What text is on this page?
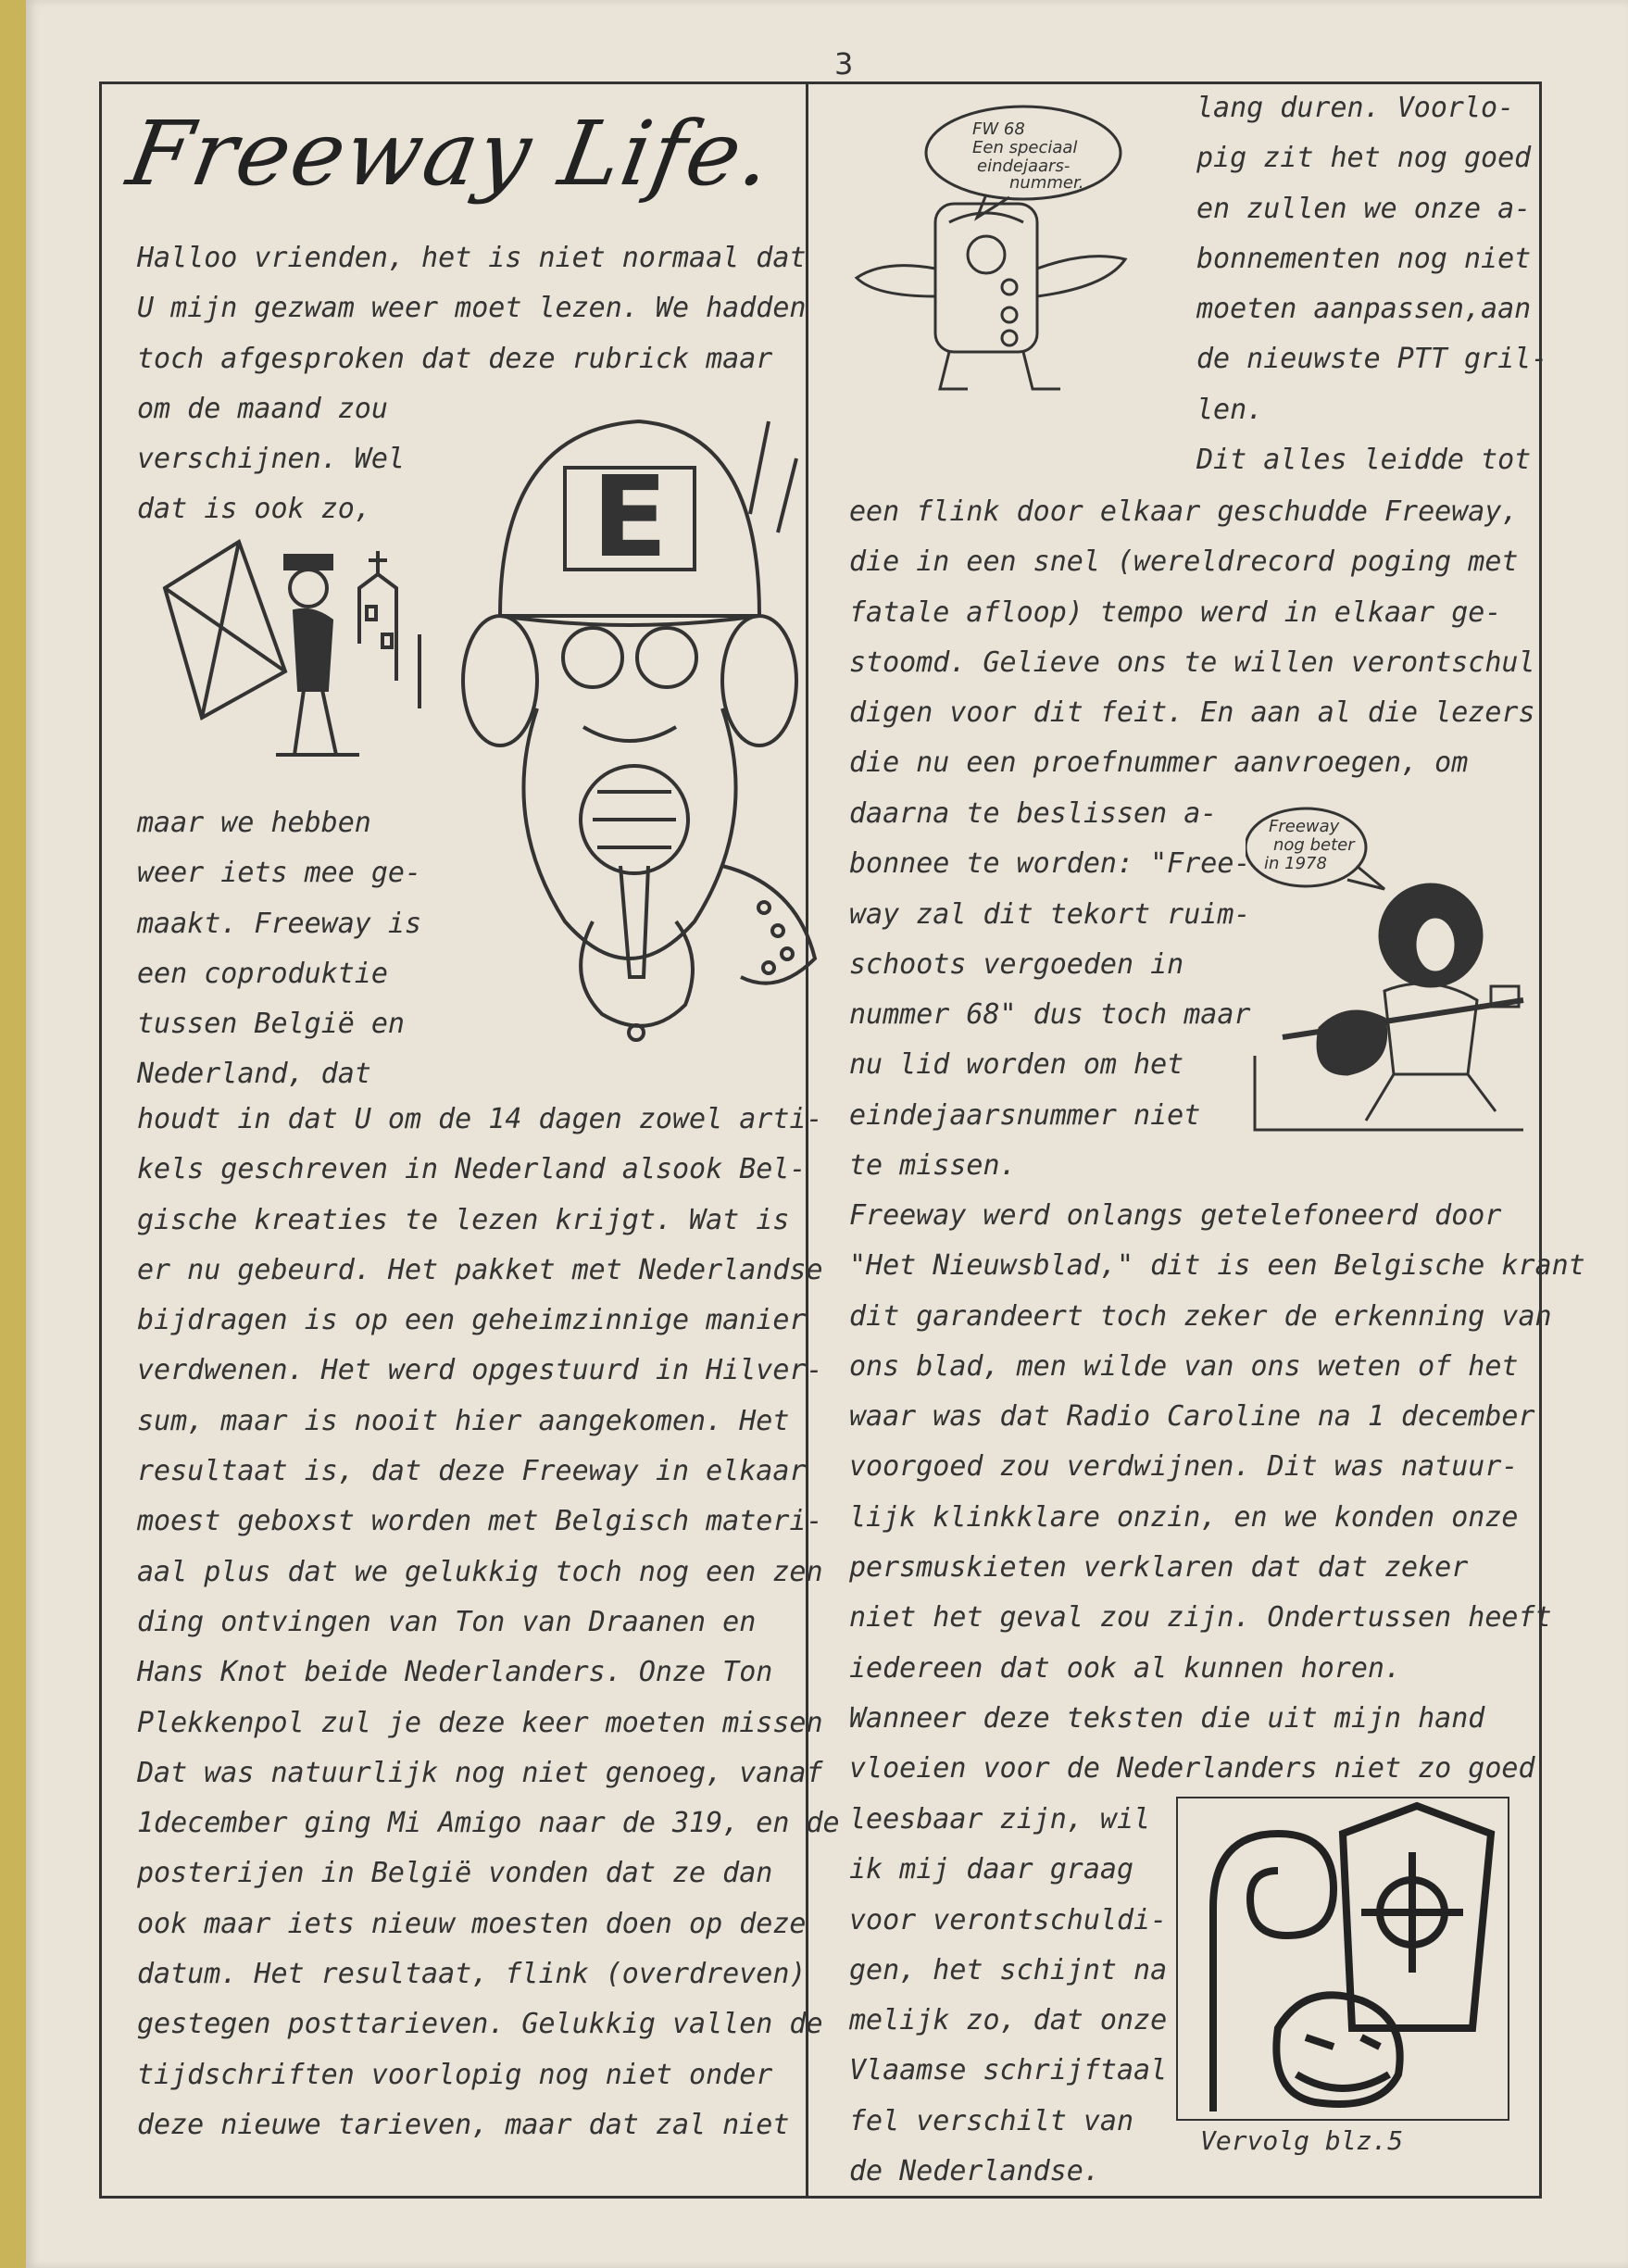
3
Freeway Life.
Halloo vrienden, het is niet normaal dat
U mijn gezwam weer moet lezen. We hadden
toch afgesproken dat deze rubrick maar
om de maand zou
verschijnen. Wel
dat is ook zo,
maar we hebben
weer iets mee ge-
maakt. Freeway is
een coproduktie
tussen België en
Nederland, dat
houdt in dat U om de 14 dagen zowel arti-
kels geschreven in Nederland alsook Bel-
gische kreaties te lezen krijgt. Wat is
er nu gebeurd. Het pakket met Nederlandse
bijdragen is op een geheimzinnige manier
verdwenen. Het werd opgestuurd in Hilver-
sum, maar is nooit hier aangekomen. Het
resultaat is, dat deze Freeway in elkaar
moest geboxst worden met Belgisch materi-
aal plus dat we gelukkig toch nog een zen
ding ontvingen van Ton van Draanen en
Hans Knot beide Nederlanders. Onze Ton
Plekkenpol zul je deze keer moeten missen
Dat was natuurlijk nog niet genoeg, vanaf
1december ging Mi Amigo naar de 319, en de
posterijen in België vonden dat ze dan
ook maar iets nieuw moesten doen op deze
datum. Het resultaat, flink (overdreven)
gestegen posttarieven. Gelukkig vallen de
tijdschriften voorlopig nog niet onder
deze nieuwe tarieven, maar dat zal niet
E
FW 68 Een speciaal eindejaars- nummer.
lang duren. Voorlo-
pig zit het nog goed
en zullen we onze a-
bonnementen nog niet
moeten aanpassen,aan
de nieuwste PTT gril-
len.
Dit alles leidde tot
een flink door elkaar geschudde Freeway,
die in een snel (wereldrecord poging met
fatale afloop) tempo werd in elkaar ge-
stoomd. Gelieve ons te willen verontschul
digen voor dit feit. En aan al die lezers
die nu een proefnummer aanvroegen, om
daarna te beslissen a-
bonnee te worden: "Free-
way zal dit tekort ruim-
schoots vergoeden in
nummer 68" dus toch maar
nu lid worden om het
eindejaarsnummer niet
te missen.
Freeway nog beter in 1978
Freeway werd onlangs getelefoneerd door
"Het Nieuwsblad," dit is een Belgische krant
dit garandeert toch zeker de erkenning van
ons blad, men wilde van ons weten of het
waar was dat Radio Caroline na 1 december
voorgoed zou verdwijnen. Dit was natuur-
lijk klinkklare onzin, en we konden onze
persmuskieten verklaren dat dat zeker
niet het geval zou zijn. Ondertussen heeft
iedereen dat ook al kunnen horen.
Wanneer deze teksten die uit mijn hand
vloeien voor de Nederlanders niet zo goed
leesbaar zijn, wil
ik mij daar graag
voor verontschuldi-
gen, het schijnt na
melijk zo, dat onze
Vlaamse schrijftaal
fel verschilt van
de Nederlandse.
Vervolg blz.5
